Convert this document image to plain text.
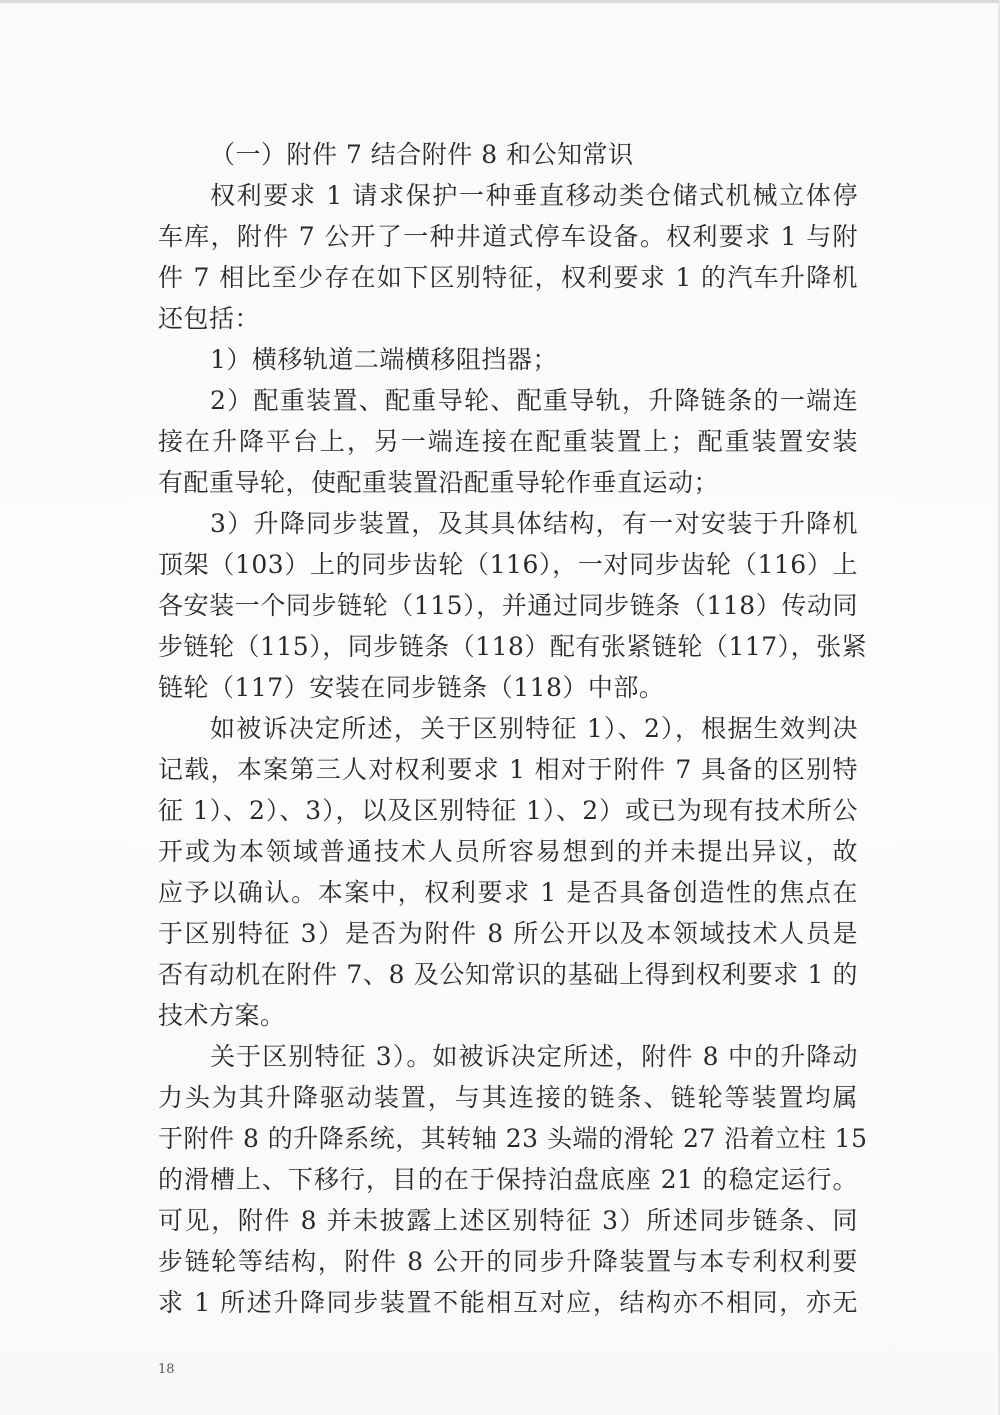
（一）附件 7 结合附件 8 和公知常识
权利要求 1 请求保护一种垂直移动类仓储式机械立体停
车库，附件 7 公开了一种井道式停车设备。权利要求 1 与附
件 7 相比至少存在如下区别特征，权利要求 1 的汽车升降机
还包括：
1）横移轨道二端横移阻挡器；
2）配重装置、配重导轮、配重导轨，升降链条的一端连
接在升降平台上，另一端连接在配重装置上；配重装置安装
有配重导轮，使配重装置沿配重导轮作垂直运动；
3）升降同步装置，及其具体结构，有一对安装于升降机
顶架（103）上的同步齿轮（116），一对同步齿轮（116）上
各安装一个同步链轮（115），并通过同步链条（118）传动同
步链轮（115），同步链条（118）配有张紧链轮（117），张紧
链轮（117）安装在同步链条（118）中部。
如被诉决定所述，关于区别特征 1）、2），根据生效判决
记载，本案第三人对权利要求 1 相对于附件 7 具备的区别特
征 1）、2）、3），以及区别特征 1）、2）或已为现有技术所公
开或为本领域普通技术人员所容易想到的并未提出异议，故
应予以确认。本案中，权利要求 1 是否具备创造性的焦点在
于区别特征 3）是否为附件 8 所公开以及本领域技术人员是
否有动机在附件 7、8 及公知常识的基础上得到权利要求 1 的
技术方案。
关于区别特征 3）。如被诉决定所述，附件 8 中的升降动
力头为其升降驱动装置，与其连接的链条、链轮等装置均属
于附件 8 的升降系统，其转轴 23 头端的滑轮 27 沿着立柱 15
的滑槽上、下移行，目的在于保持泊盘底座 21 的稳定运行。
可见，附件 8 并未披露上述区别特征 3）所述同步链条、同
步链轮等结构，附件 8 公开的同步升降装置与本专利权利要
求 1 所述升降同步装置不能相互对应，结构亦不相同，亦无
18
